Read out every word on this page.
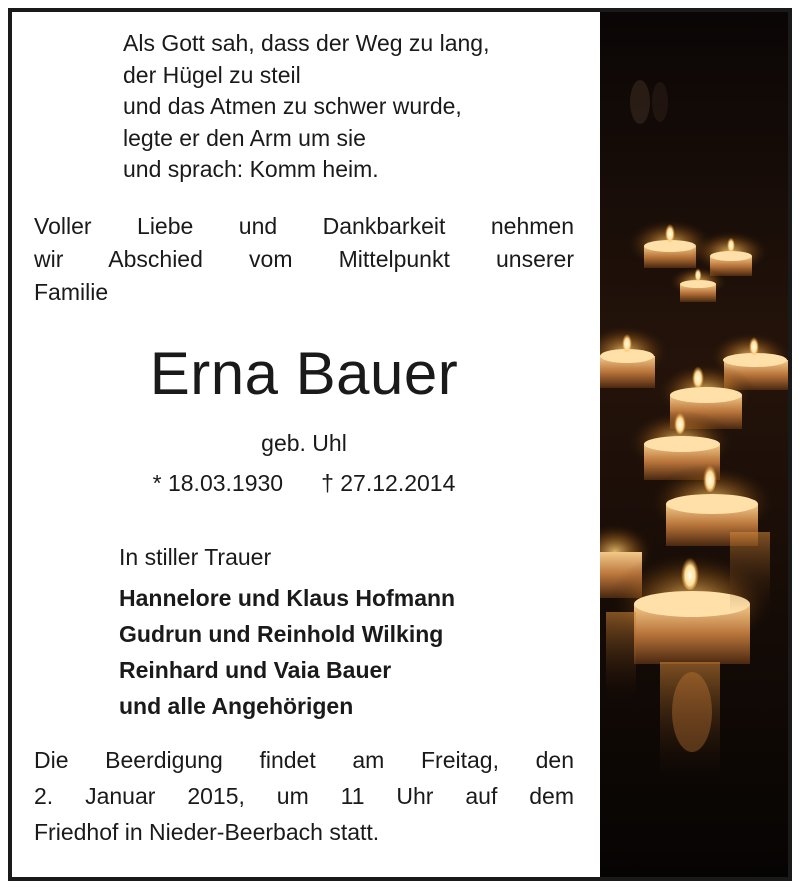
Als Gott sah, dass der Weg zu lang,
der Hügel zu steil
und das Atmen zu schwer wurde,
legte er den Arm um sie
und sprach: Komm heim.
Voller Liebe und Dankbarkeit nehmen
wir Abschied vom Mittelpunkt unserer
Familie
Erna Bauer
geb. Uhl
* 18.03.1930 † 27.12.2014
In stiller Trauer
Hannelore und Klaus Hofmann
Gudrun und Reinhold Wilking
Reinhard und Vaia Bauer
und alle Angehörigen
Die Beerdigung findet am Freitag, den
2. Januar 2015, um 11 Uhr auf dem
Friedhof in Nieder-Beerbach statt.
